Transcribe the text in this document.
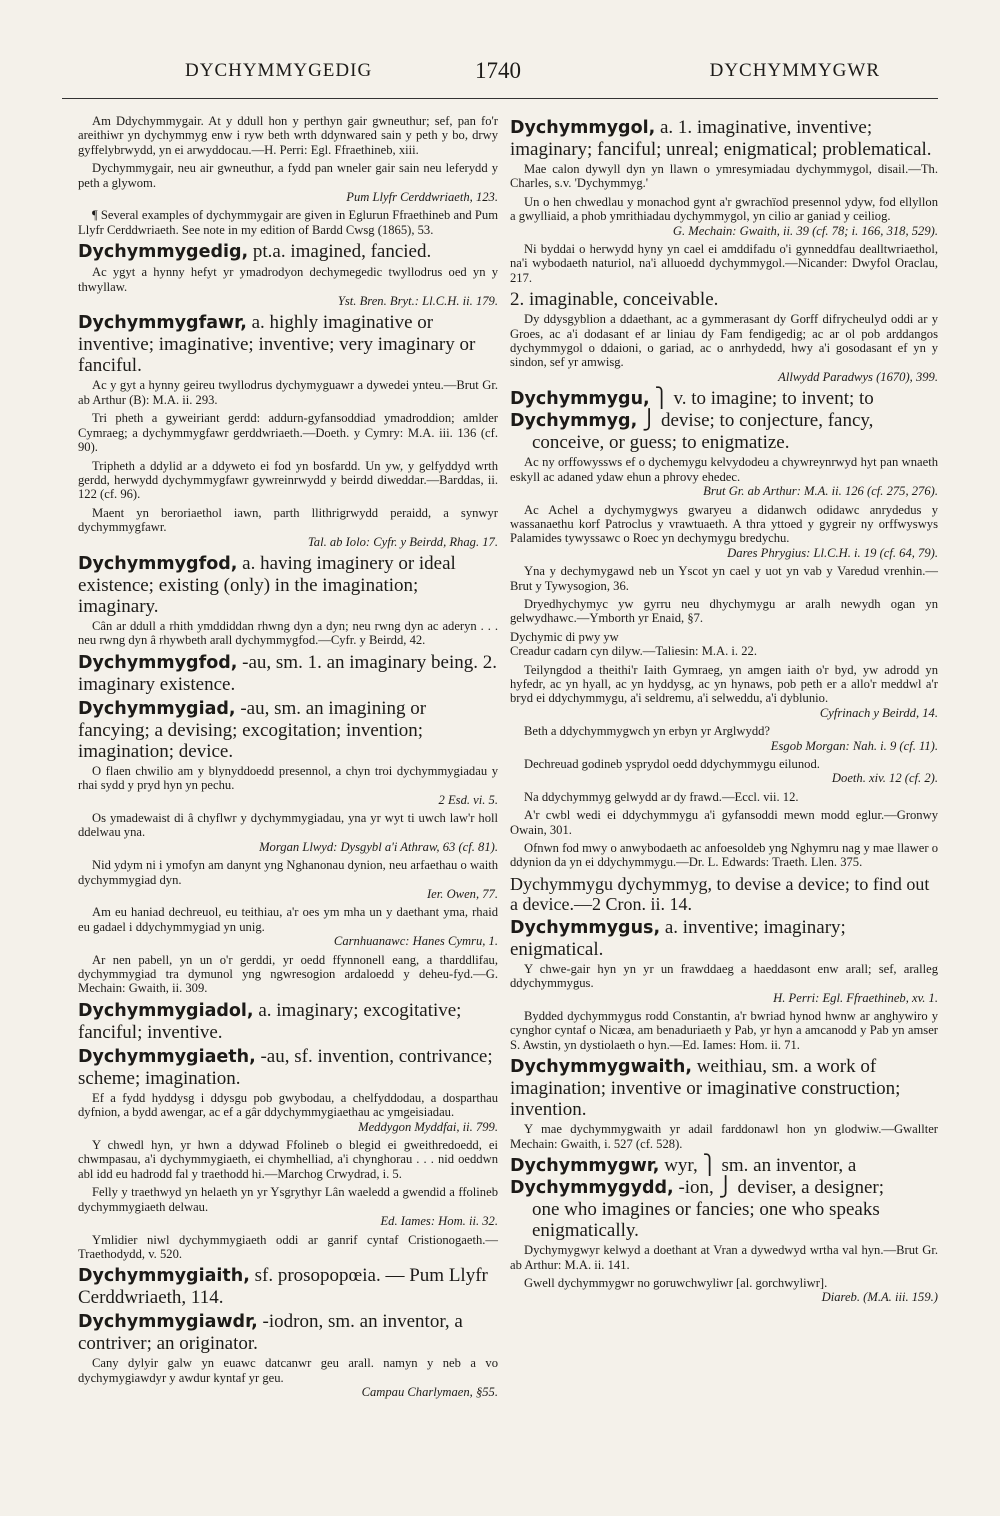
DYCHYMMYGEDIG	1740	DYCHYMMYGWR

Am Ddychymmygair. At y ddull hon y perthyn gair gwneuthur; sef, pan fo'r areithiwr yn dychymmyg enw i ryw beth wrth ddynwared sain y peth y bo, drwy gyffelybrwydd, yn ei arwyddocau.—H. Perri: Egl. Ffraethineb, xiii.

Dychymmygair, neu air gwneuthur, a fydd pan wneler gair sain neu leferydd y peth a glywom.
Pum Llyfr Cerddwriaeth, 123.

¶ Several examples of dychymmygair are given in Eglurun Ffraethineb and Pum Llyfr Cerddwriaeth. See note in my edition of Bardd Cwsg (1865), 53.

Dychymmygedig, pt.a. imagined, fancied.

Ac ygyt a hynny hefyt yr ymadrodyon dechymegedic twyllodrus oed yn y thwyllaw.
Yst. Bren. Bryt.: Ll.C.H. ii. 179.

Dychymmygfawr, a. highly imaginative or inventive; imaginative; inventive; very imaginary or fanciful.

Ac y gyt a hynny geireu twyllodrus dychymyguawr a dywedei ynteu.—Brut Gr. ab Arthur (B): M.A. ii. 293.

Tri pheth a gyweiriant gerdd: addurn-gyfansoddiad ymadroddion; amlder Cymraeg; a dychymmygfawr gerddwriaeth.—Doeth. y Cymry: M.A. iii. 136 (cf. 90).

Tripheth a ddylid ar a ddyweto ei fod yn bosfardd. Un yw, y gelfyddyd wrth gerdd, herwydd dychymmygfawr gywreinrwydd y beirdd diweddar.—Barddas, ii. 122 (cf. 96).

Maent yn beroriaethol iawn, parth llithrigrwydd peraidd, a synwyr dychymmygfawr.
Tal. ab Iolo: Cyfr. y Beirdd, Rhag. 17.

Dychymmygfod, a. having imaginery or ideal existence; existing (only) in the imagination; imaginary.

Cân ar ddull a rhith ymddiddan rhwng dyn a dyn; neu rwng dyn ac aderyn . . . neu rwng dyn â rhywbeth arall dychymmygfod.—Cyfr. y Beirdd, 42.

Dychymmygfod, -au, sm. 1. an imaginary being. 2. imaginary existence.
Dychymmygiad, -au, sm. an imagining or fancying; a devising; excogitation; invention; imagination; device.

O flaen chwilio am y blynyddoedd presennol, a chyn troi dychymmygiadau y rhai sydd y pryd hyn yn pechu.
2 Esd. vi. 5.

Os ymadewaist di â chyflwr y dychymmygiadau, yna yr wyt ti uwch law'r holl ddelwau yna.
Morgan Llwyd: Dysgybl a'i Athraw, 63 (cf. 81).

Nid ydym ni i ymofyn am danynt yng Nghanonau dynion, neu arfaethau o waith dychymmygiad dyn.
Ier. Owen, 77.

Am eu haniad dechreuol, eu teithiau, a'r oes ym mha un y daethant yma, rhaid eu gadael i ddychymmygiad yn unig.
Carnhuanawc: Hanes Cymru, 1.

Ar nen pabell, yn un o'r gerddi, yr oedd ffynnonell eang, a tharddlifau, dychymmygiad tra dymunol yng ngwresogion ardaloedd y deheu-fyd.—G. Mechain: Gwaith, ii. 309.

Dychymmygiadol, a. imaginary; excogitative; fanciful; inventive.
Dychymmygiaeth, -au, sf. invention, contrivance; scheme; imagination.

Ef a fydd hyddysg i ddysgu pob gwybodau, a chelfyddodau, a dosparthau dyfnion, a bydd awengar, ac ef a gâr ddychymmygiaethau ac ymgeisiadau.
Meddygon Myddfai, ii. 799.

Y chwedl hyn, yr hwn a ddywad Ffolineb o blegid ei gweithredoedd, ei chwmpasau, a'i dychymmygiaeth, ei chymhelliad, a'i chynghorau . . . nid oeddwn abl idd eu hadrodd fal y traethodd hi.—Marchog Crwydrad, i. 5.

Felly y traethwyd yn helaeth yn yr Ysgrythyr Lân waeledd a gwendid a ffolineb dychymmygiaeth delwau.
Ed. Iames: Hom. ii. 32.

Ymlidier niwl dychymmygiaeth oddi ar ganrif cyntaf Cristionogaeth.—Traethodydd, v. 520.

Dychymmygiaith, sf. prosopopœia. — Pum Llyfr Cerddwriaeth, 114.
Dychymmygiawdr, -iodron, sm. an inventor, a contriver; an originator.

Cany dylyir galw yn euawc datcanwr geu arall. namyn y neb a vo dychymygiawdyr y awdur kyntaf yr geu.
Campau Charlymaen, §55.

Dychymmygol, a. 1. imaginative, inventive; imaginary; fanciful; unreal; enigmatical; problematical.

Mae calon dywyll dyn yn llawn o ymresymiadau dychymmygol, disail.—Th. Charles, s.v. 'Dychymmyg.'

Un o hen chwedlau y monachod gynt a'r gwrachïod presennol ydyw, fod ellyllon a gwylliaid, a phob ymrithiadau dychymmygol, yn cilio ar ganiad y ceiliog.
G. Mechain: Gwaith, ii. 39 (cf. 78; i. 166, 318, 529).

Ni byddai o herwydd hyny yn cael ei amddifadu o'i gynneddfau dealltwriaethol, na'i wybodaeth naturiol, na'i alluoedd dychymmygol.—Nicander: Dwyfol Oraclau, 217.

2. imaginable, conceivable.

Dy ddysgyblion a ddaethant, ac a gymmerasant dy Gorff difrycheulyd oddi ar y Groes, ac a'i dodasant ef ar liniau dy Fam fendigedig; ac ar ol pob arddangos dychymmygol o ddaioni, o gariad, ac o anrhydedd, hwy a'i gosodasant ef yn y sindon, sef yr amwisg.
Allwydd Paradwys (1670), 399.

Dychymmygu, ⎫ v. to imagine; to invent; to
Dychymmyg, ⎭ devise; to conjecture, fancy,
conceive, or guess; to enigmatize.

Ac ny orffowyssws ef o dychemygu kelvydodeu a chywreynrwyd hyt pan wnaeth eskyll ac adaned ydaw ehun a phrovy ehedec.
Brut Gr. ab Arthur: M.A. ii. 126 (cf. 275, 276).

Ac Achel a dychymygwys gwaryeu a didanwch odidawc anrydedus y wassanaethu korf Patroclus y vrawtuaeth. A thra yttoed y gygreir ny orffwyswys Palamides tywyssawc o Roec yn dechymygu bredychu.
Dares Phrygius: Ll.C.H. i. 19 (cf. 64, 79).

Yna y dechymygawd neb un Yscot yn cael y uot yn vab y Varedud vrenhin.—Brut y Tywysogion, 36.

Dryedhychymyc yw gyrru neu dhychymygu ar aralh newydh ogan yn gelwydhawc.—Ymborth yr Enaid, §7.

Dychymic di pwy yw
Creadur cadarn cyn dilyw.—Taliesin: M.A. i. 22.

Teilyngdod a theithi'r Iaith Gymraeg, yn amgen iaith o'r byd, yw adrodd yn hyfedr, ac yn hyall, ac yn hyddysg, ac yn hynaws, pob peth er a allo'r meddwl a'r bryd ei ddychymmygu, a'i seldremu, a'i selweddu, a'i dyblunio.
Cyfrinach y Beirdd, 14.

Beth a ddychymmygwch yn erbyn yr Arglwydd?
Esgob Morgan: Nah. i. 9 (cf. 11).

Dechreuad godineb ysprydol oedd ddychymmygu eilunod.
Doeth. xiv. 12 (cf. 2).

Na ddychymmyg gelwydd ar dy frawd.—Eccl. vii. 12.

A'r cwbl wedi ei ddychymmygu a'i gyfansoddi mewn modd eglur.—Gronwy Owain, 301.

Ofnwn fod mwy o anwybodaeth ac anfoesoldeb yng Nghymru nag y mae llawer o ddynion da yn ei ddychymmygu.—Dr. L. Edwards: Traeth. Llen. 375.

Dychymmygu dychymmyg, to devise a device; to find out a device.—2 Cron. ii. 14.
Dychymmygus, a. inventive; imaginary; enigmatical.

Y chwe-gair hyn yn yr un frawddaeg a haeddasont enw arall; sef, aralleg ddychymmygus.
H. Perri: Egl. Ffraethineb, xv. 1.

Bydded dychymmygus rodd Constantin, a'r bwriad hynod hwnw ar anghywiro y cynghor cyntaf o Nicæa, am benaduriaeth y Pab, yr hyn a amcanodd y Pab yn amser S. Awstin, yn dystiolaeth o hyn.—Ed. Iames: Hom. ii. 71.

Dychymmygwaith, weithiau, sm. a work of imagination; inventive or imaginative construction; invention.

Y mae dychymmygwaith yr adail farddonawl hon yn glodwiw.—Gwallter Mechain: Gwaith, i. 527 (cf. 528).

Dychymmygwr, wyr, ⎫ sm. an inventor, a
Dychymmygydd, -ion, ⎭ deviser, a designer;
one who imagines or fancies; one who speaks enigmatically.

Dychymygwyr kelwyd a doethant at Vran a dywedwyd wrtha val hyn.—Brut Gr. ab Arthur: M.A. ii. 141.

Gwell dychymmygwr no goruwchwyliwr [al. gorchwyliwr].
Diareb. (M.A. iii. 159.)
